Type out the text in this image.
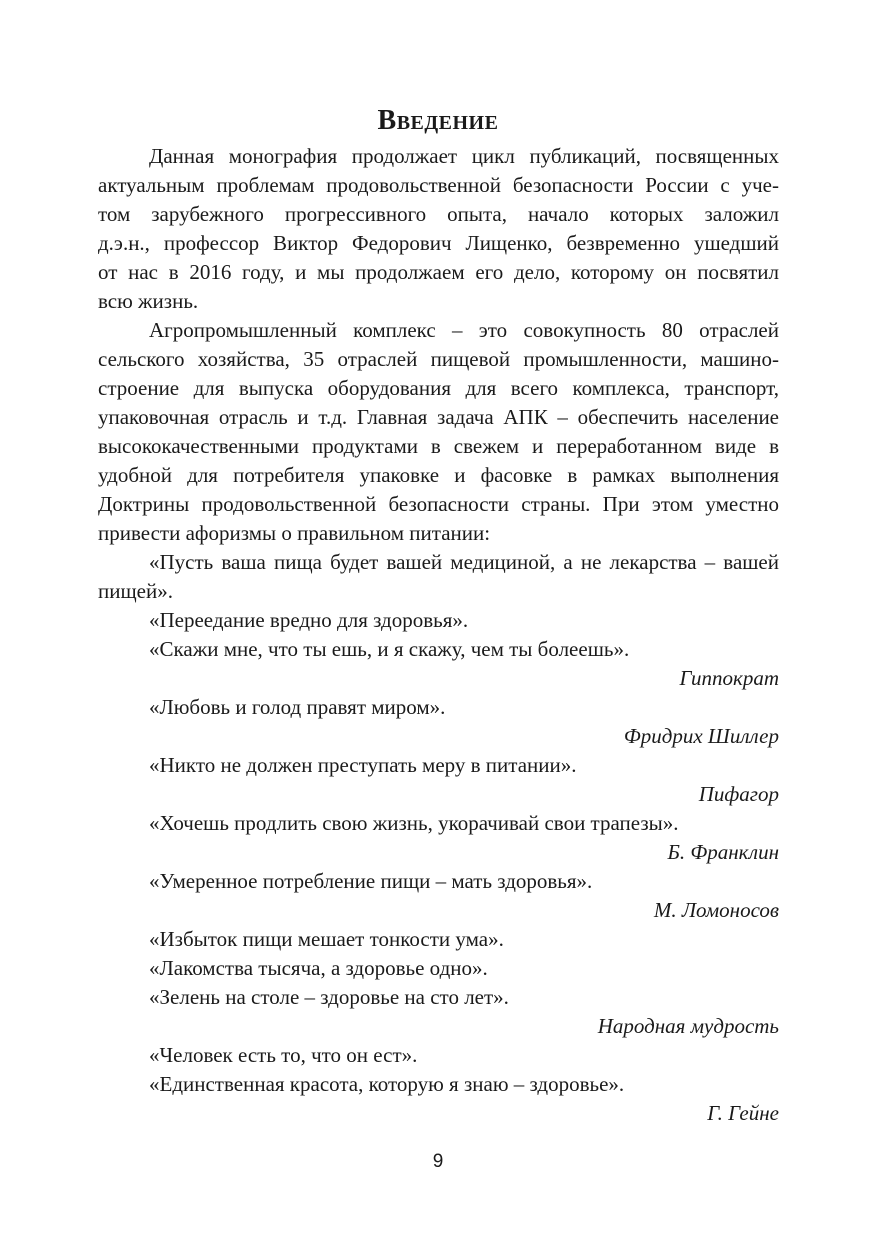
Введение

Данная монография продолжает цикл публикаций, посвященных
актуальным проблемам продовольственной безопасности России с уче-
том зарубежного прогрессивного опыта, начало которых заложил
д.э.н., профессор Виктор Федорович Лищенко, безвременно ушедший
от нас в 2016 году, и мы продолжаем его дело, которому он посвятил
всю жизнь.

Агропромышленный комплекс – это совокупность 80 отраслей
сельского хозяйства, 35 отраслей пищевой промышленности, машино-
строение для выпуска оборудования для всего комплекса, транспорт,
упаковочная отрасль и т.д. Главная задача АПК – обеспечить население
высококачественными продуктами в свежем и переработанном виде в
удобной для потребителя упаковке и фасовке в рамках выполнения
Доктрины продовольственной безопасности страны. При этом уместно
привести афоризмы о правильном питании:

«Пусть ваша пища будет вашей медициной, а не лекарства – вашей
пищей».

«Переедание вредно для здоровья».

«Скажи мне, что ты ешь, и я скажу, чем ты болеешь».

Гиппократ

«Любовь и голод правят миром».

Фридрих Шиллер

«Никто не должен преступать меру в питании».

Пифагор

«Хочешь продлить свою жизнь, укорачивай свои трапезы».

Б. Франклин

«Умеренное потребление пищи – мать здоровья».

М. Ломоносов

«Избыток пищи мешает тонкости ума».

«Лакомства тысяча, а здоровье одно».

«Зелень на столе – здоровье на сто лет».

Народная мудрость

«Человек есть то, что он ест».

«Единственная красота, которую я знаю – здоровье».

Г. Гейне

9
